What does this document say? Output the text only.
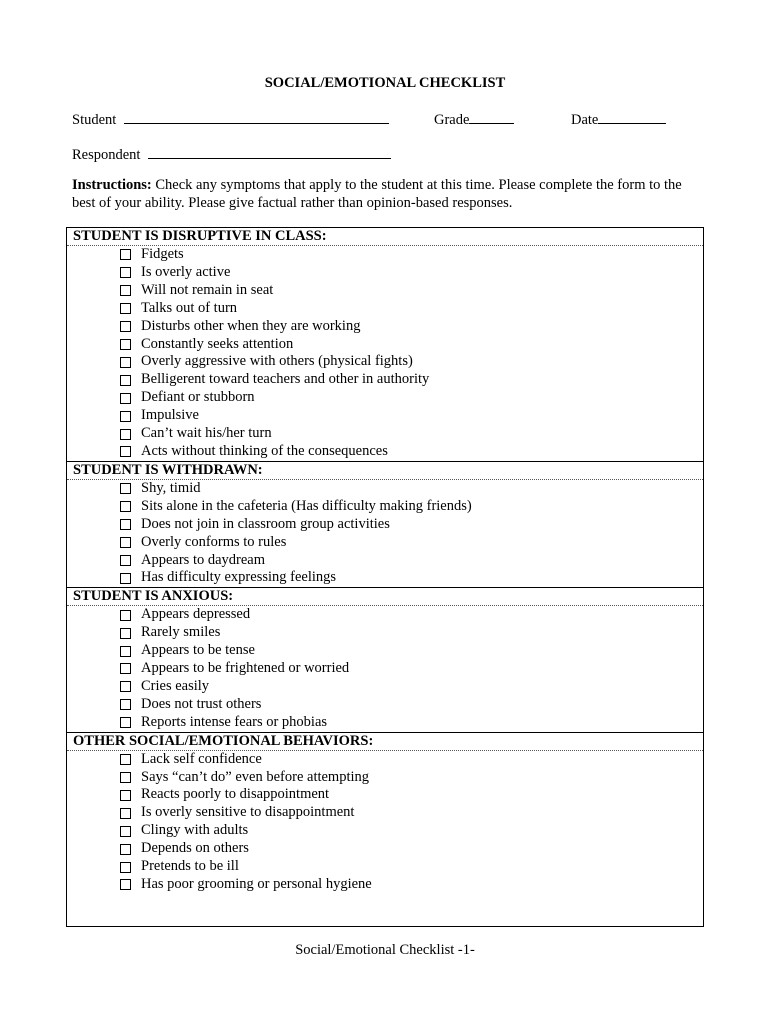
SOCIAL/EMOTIONAL CHECKLIST
Student	Grade	Date
Respondent
Instructions: Check any symptoms that apply to the student at this time. Please complete the form to the best of your ability. Please give factual rather than opinion-based responses.
STUDENT IS DISRUPTIVE IN CLASS:
Fidgets
Is overly active
Will not remain in seat
Talks out of turn
Disturbs other when they are working
Constantly seeks attention
Overly aggressive with others (physical fights)
Belligerent toward teachers and other in authority
Defiant or stubborn
Impulsive
Can’t wait his/her turn
Acts without thinking of the consequences
STUDENT IS WITHDRAWN:
Shy, timid
Sits alone in the cafeteria (Has difficulty making friends)
Does not join in classroom group activities
Overly conforms to rules
Appears to daydream
Has difficulty expressing feelings
STUDENT IS ANXIOUS:
Appears depressed
Rarely smiles
Appears to be tense
Appears to be frightened or worried
Cries easily
Does not trust others
Reports intense fears or phobias
OTHER SOCIAL/EMOTIONAL BEHAVIORS:
Lack self confidence
Says “can’t do” even before attempting
Reacts poorly to disappointment
Is overly sensitive to disappointment
Clingy with adults
Depends on others
Pretends to be ill
Has poor grooming or personal hygiene
Social/Emotional Checklist -1-
